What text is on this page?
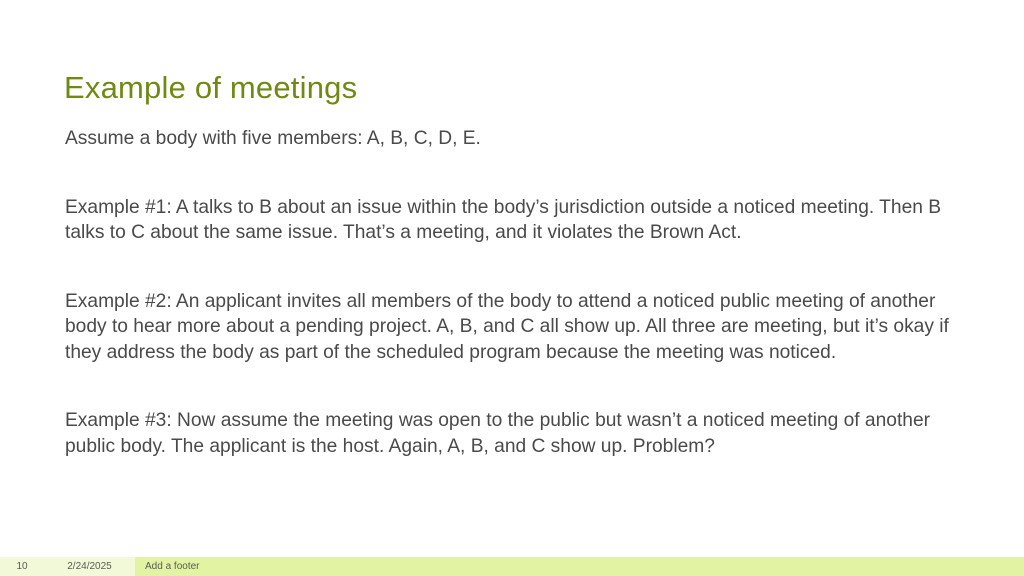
Example of meetings

Assume a body with five members: A, B, C, D, E.

Example #1: A talks to B about an issue within the body’s jurisdiction outside a noticed meeting. Then B talks to C about the same issue. That’s a meeting, and it violates the Brown Act.

Example #2: An applicant invites all members of the body to attend a noticed public meeting of another body to hear more about a pending project. A, B, and C all show up. All three are meeting, but it’s okay if they address the body as part of the scheduled program because the meeting was noticed.

Example #3: Now assume the meeting was open to the public but wasn’t a noticed meeting of another public body. The applicant is the host. Again, A, B, and C show up. Problem?

10	2/24/2025	Add a footer
